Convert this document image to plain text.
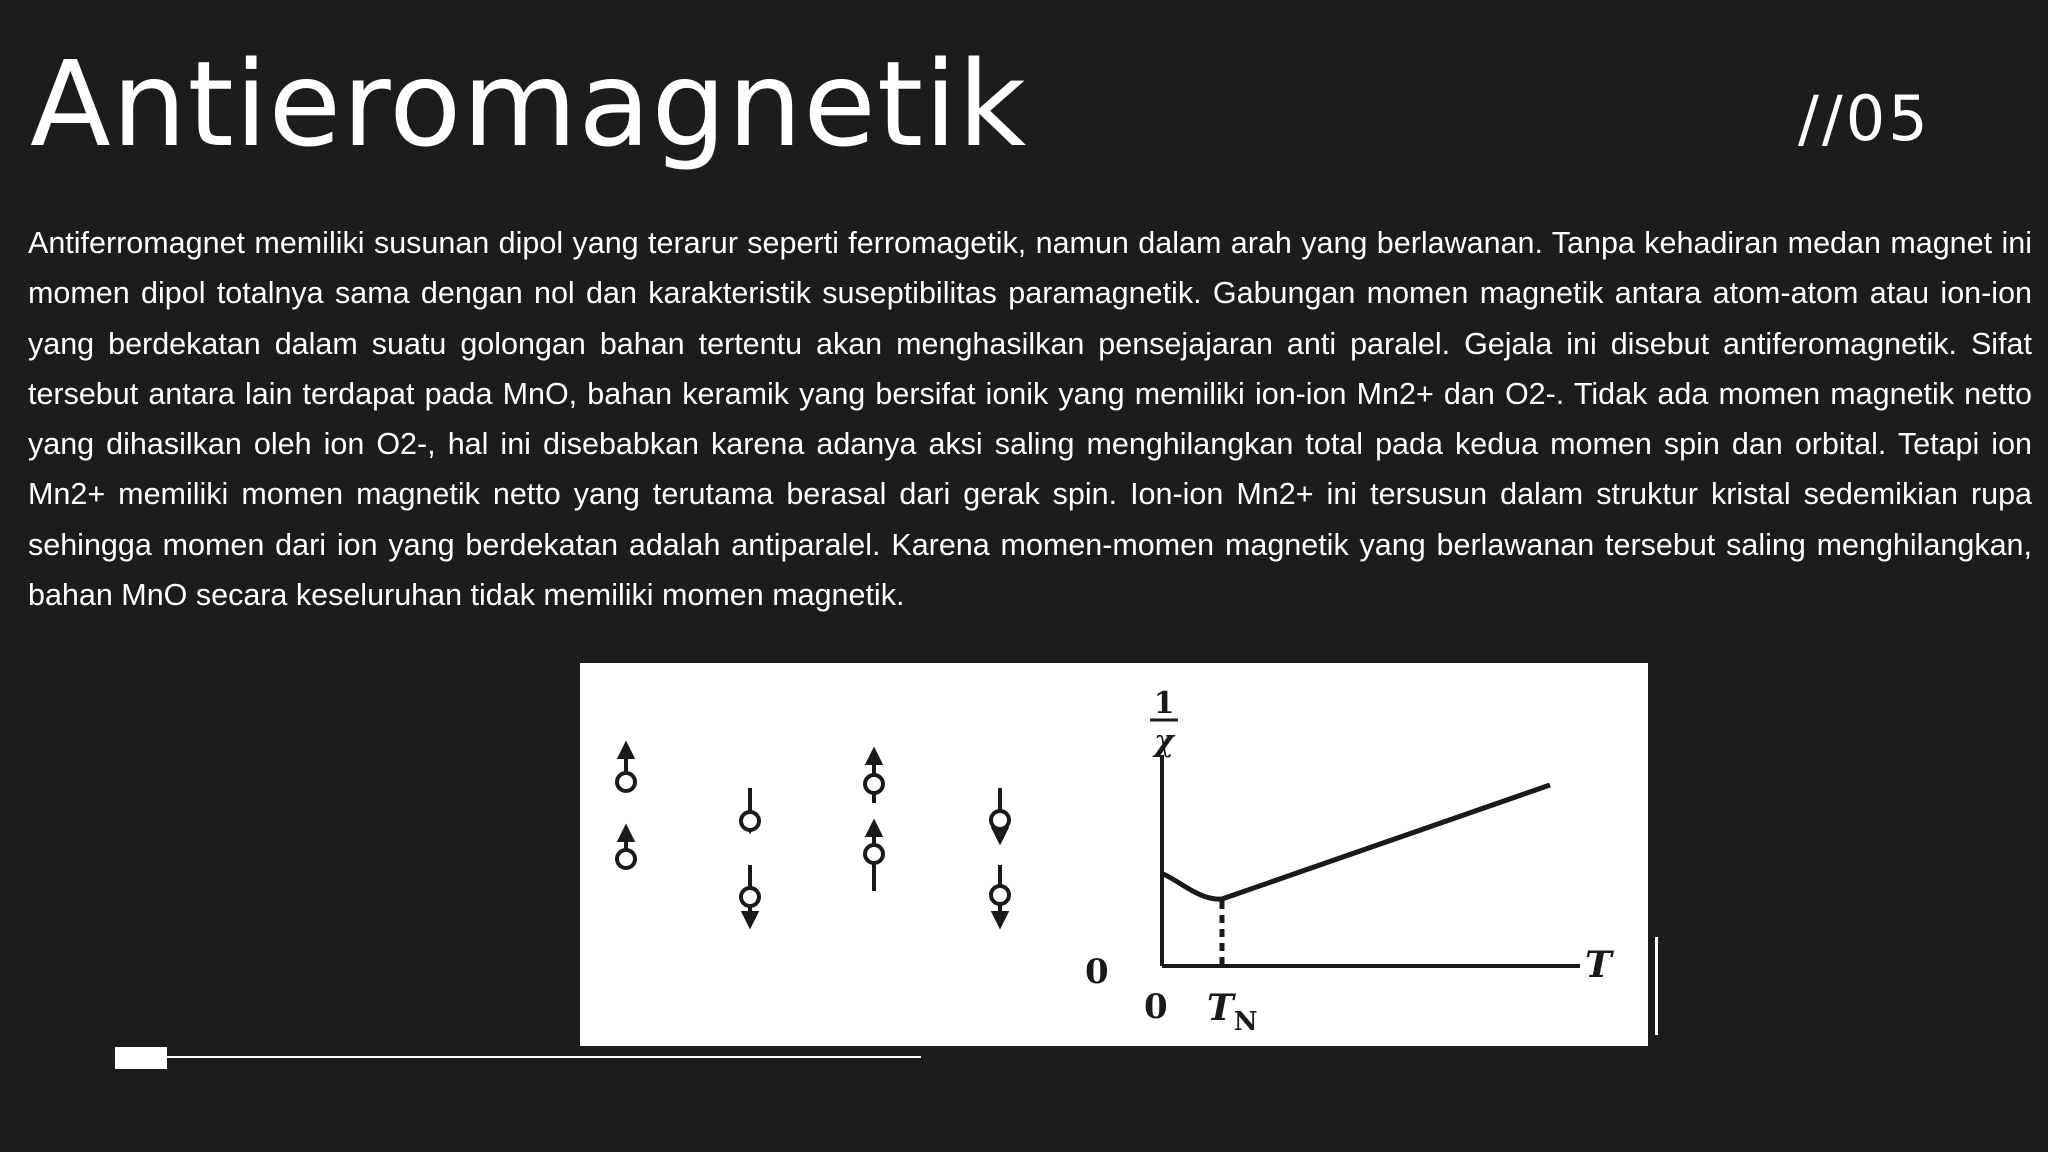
Antieromagnetik	//05

Antiferromagnet memiliki susunan dipol yang terarur seperti ferromagetik, namun dalam arah yang berlawanan. Tanpa kehadiran medan magnet ini momen dipol totalnya sama dengan nol dan karakteristik suseptibilitas paramagnetik. Gabungan momen magnetik antara atom-atom atau ion-ion yang berdekatan dalam suatu golongan bahan tertentu akan menghasilkan pensejajaran anti paralel. Gejala ini disebut antiferomagnetik. Sifat tersebut antara lain terdapat pada MnO, bahan keramik yang bersifat ionik yang memiliki ion-ion Mn2+ dan O2-. Tidak ada momen magnetik netto yang dihasilkan oleh ion O2-, hal ini disebabkan karena adanya aksi saling menghilangkan total pada kedua momen spin dan orbital. Tetapi ion Mn2+ memiliki momen magnetik netto yang terutama berasal dari gerak spin. Ion-ion Mn2+ ini tersusun dalam struktur kristal sedemikian rupa sehingga momen dari ion yang berdekatan adalah antiparalel. Karena momen-momen magnetik yang berlawanan tersebut saling menghilangkan, bahan MnO secara keseluruhan tidak memiliki momen magnetik.

1
χ
T
0
0 $T_N$
